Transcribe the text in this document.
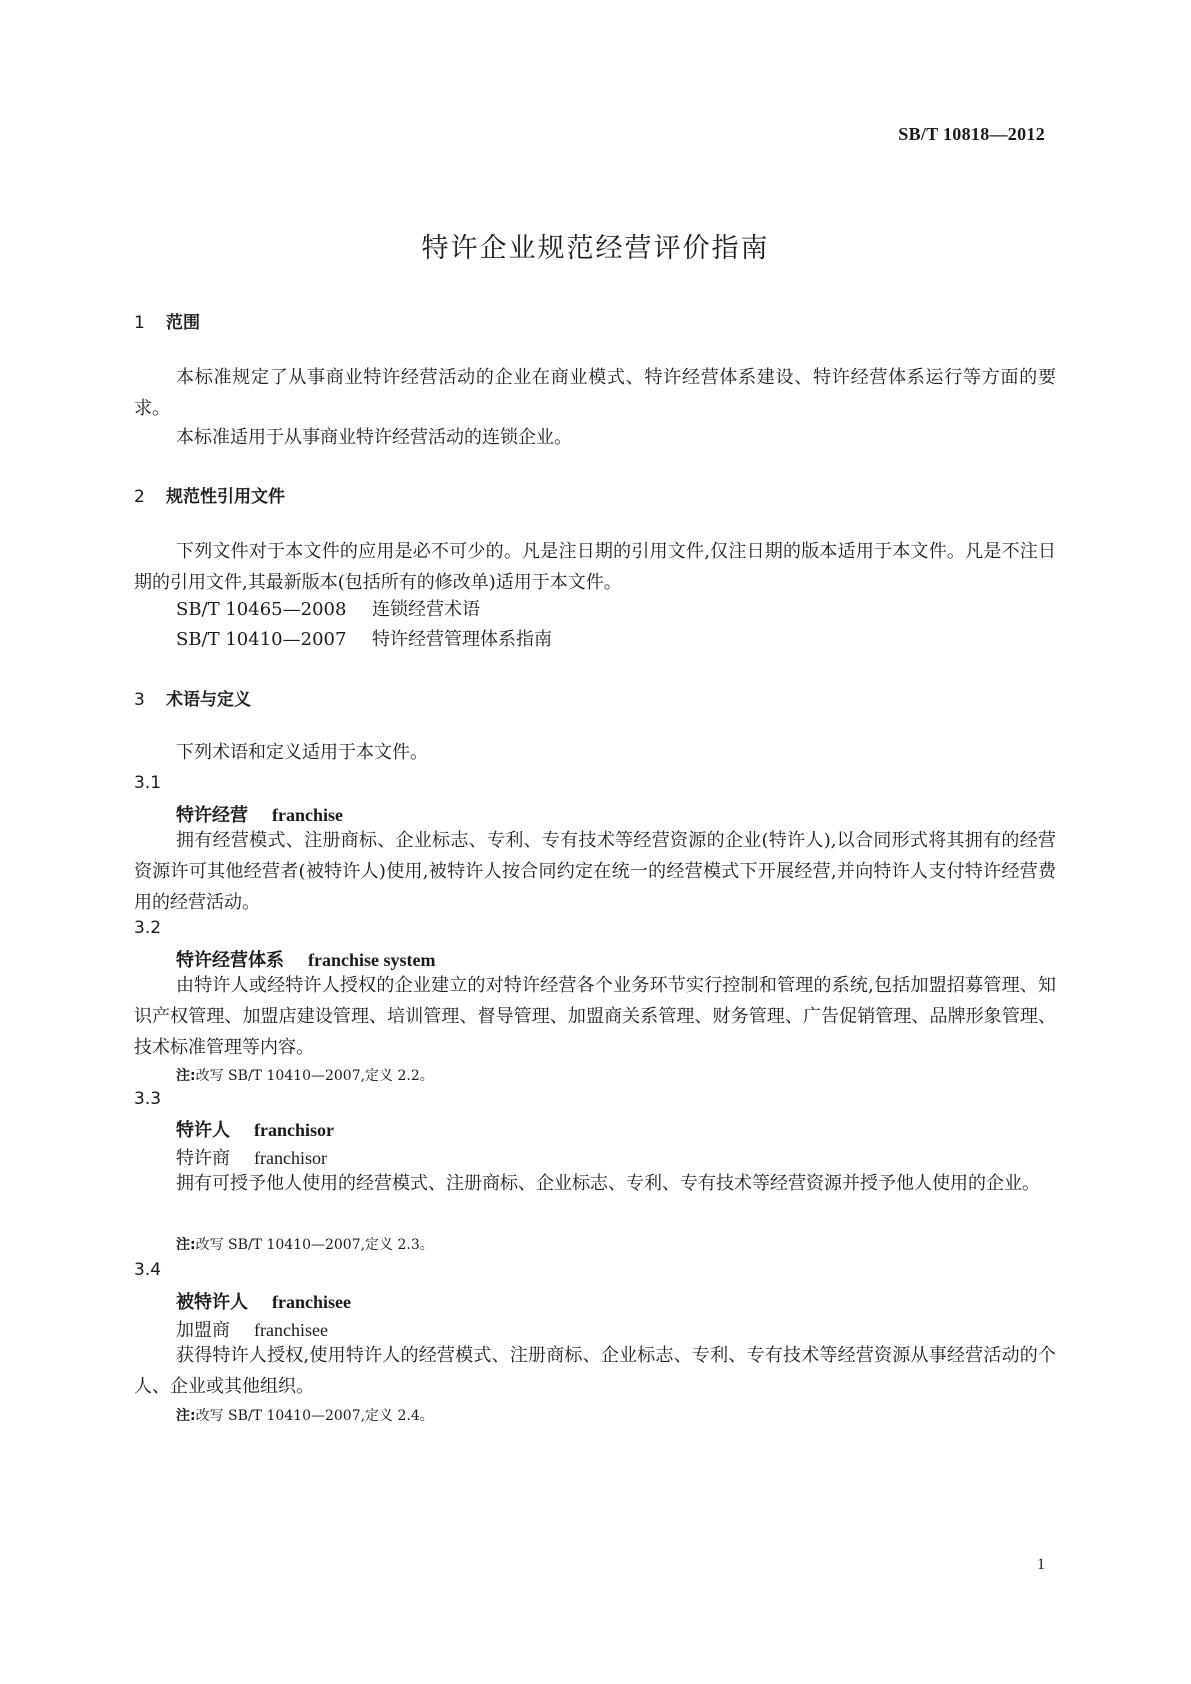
SB/T 10818—2012

特许企业规范经营评价指南
1 范围

本标准规定了从事商业特许经营活动的企业在商业模式、特许经营体系建设、特许经营体系运行等方面的要求。

本标准适用于从事商业特许经营活动的连锁企业。

2 规范性引用文件

下列文件对于本文件的应用是必不可少的。凡是注日期的引用文件,仅注日期的版本适用于本文件。凡是不注日期的引用文件,其最新版本(包括所有的修改单)适用于本文件。

SB/T 10465—2008 连锁经营术语

SB/T 10410—2007 特许经营管理体系指南

3 术语与定义

下列术语和定义适用于本文件。

3.1

特许经营 franchise

拥有经营模式、注册商标、企业标志、专利、专有技术等经营资源的企业(特许人),以合同形式将其拥有的经营资源许可其他经营者(被特许人)使用,被特许人按合同约定在统一的经营模式下开展经营,并向特许人支付特许经营费用的经营活动。

3.2

特许经营体系 franchise system

由特许人或经特许人授权的企业建立的对特许经营各个业务环节实行控制和管理的系统,包括加盟招募管理、知识产权管理、加盟店建设管理、培训管理、督导管理、加盟商关系管理、财务管理、广告促销管理、品牌形象管理、技术标准管理等内容。

注:改写 SB/T 10410—2007,定义 2.2。

3.3

特许人 franchisor

特许商 franchisor

拥有可授予他人使用的经营模式、注册商标、企业标志、专利、专有技术等经营资源并授予他人使用的企业。

注:改写 SB/T 10410—2007,定义 2.3。

3.4

被特许人 franchisee

加盟商 franchisee

获得特许人授权,使用特许人的经营模式、注册商标、企业标志、专利、专有技术等经营资源从事经营活动的个人、企业或其他组织。

注:改写 SB/T 10410—2007,定义 2.4。

1
